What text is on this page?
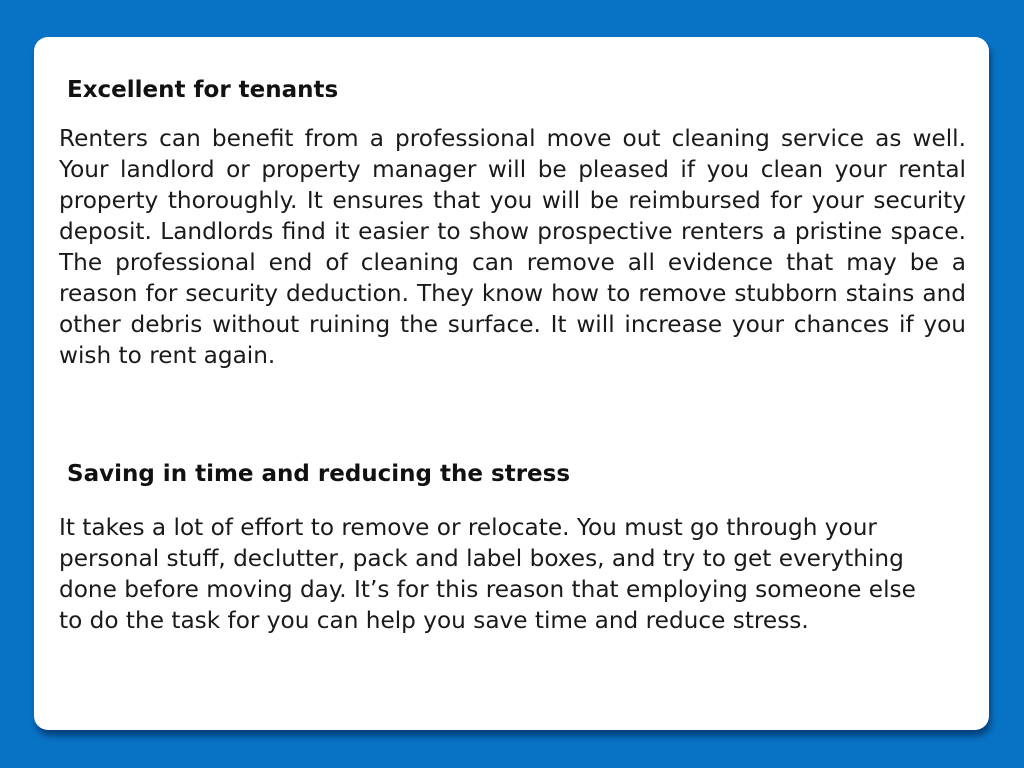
Excellent for tenants

Renters can benefit from a professional move out cleaning service as well. Your landlord or property manager will be pleased if you clean your rental property thoroughly. It ensures that you will be reimbursed for your security deposit. Landlords find it easier to show prospective renters a pristine space. The professional end of cleaning can remove all evidence that may be a reason for security deduction. They know how to remove stubborn stains and other debris without ruining the surface. It will increase your chances if you wish to rent again.

Saving in time and reducing the stress

It takes a lot of effort to remove or relocate. You must go through your personal stuff, declutter, pack and label boxes, and try to get everything done before moving day. It’s for this reason that employing someone else to do the task for you can help you save time and reduce stress.
